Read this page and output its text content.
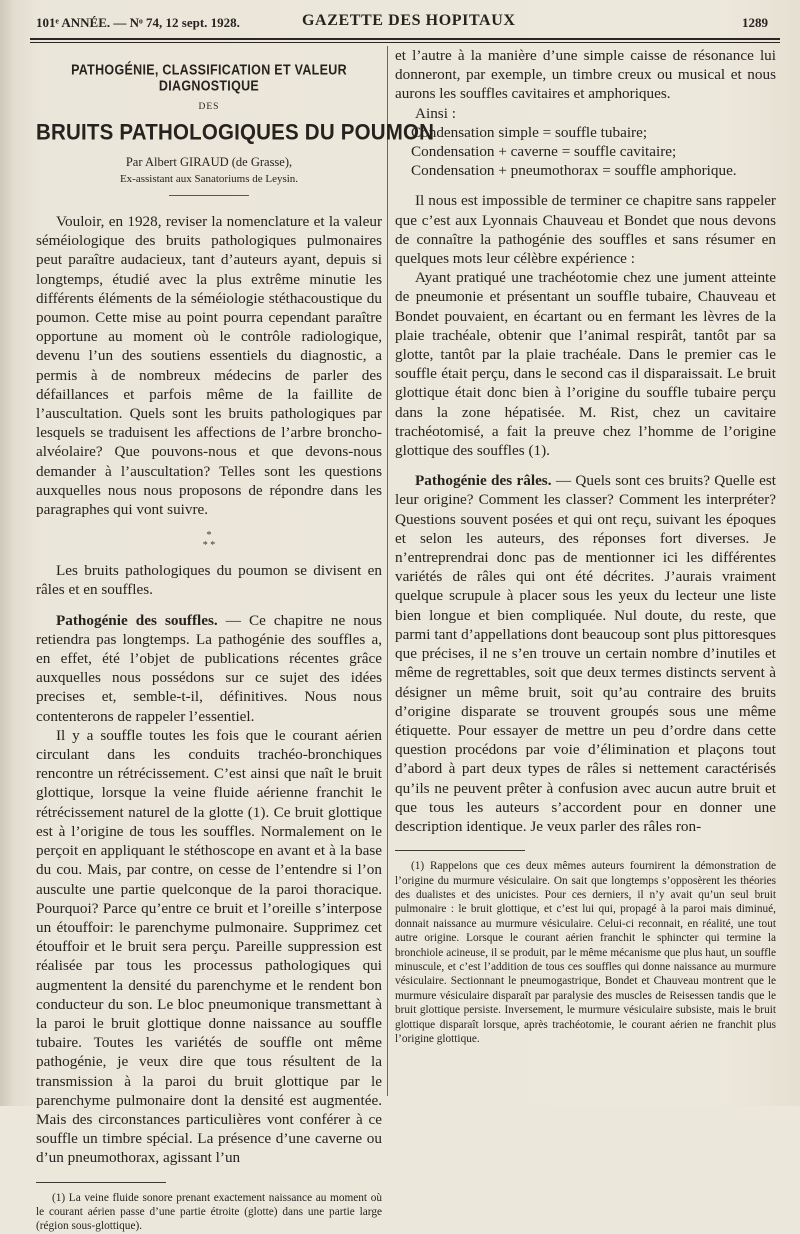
101ᵉ ANNÉE. — Nᵒ 74, 12 sept. 1928.	GAZETTE DES HOPITAUX	1289
PATHOGÉNIE, CLASSIFICATION ET VALEUR DIAGNOSTIQUE
DES
BRUITS PATHOLOGIQUES DU POUMON
Par Albert GIRAUD (de Grasse),
Ex-assistant aux Sanatoriums de Leysin.

Vouloir, en 1928, reviser la nomenclature et la valeur séméiologique des bruits pathologiques pulmonaires peut paraître audacieux, tant d’auteurs ayant, depuis si longtemps, étudié avec la plus extrême minutie les différents éléments de la séméiologie stéthacoustique du poumon. Cette mise au point pourra cependant paraître opportune au moment où le contrôle radiologique, devenu l’un des soutiens essentiels du diagnostic, a permis à de nombreux médecins de parler des défaillances et parfois même de la faillite de l’auscultation. Quels sont les bruits pathologiques par lesquels se traduisent les affections de l’arbre broncho-alvéolaire? Que pouvons-nous et que devons-nous demander à l’auscultation? Telles sont les questions auxquelles nous nous proposons de répondre dans les paragraphes qui vont suivre.

*
* *

Les bruits pathologiques du poumon se divisent en râles et en souffles.

Pathogénie des souffles. — Ce chapitre ne nous retiendra pas longtemps. La pathogénie des souffles a, en effet, été l’objet de publications récentes grâce auxquelles nous possédons sur ce sujet des idées precises et, semble-t-il, définitives. Nous nous contenterons de rappeler l’essentiel.

Il y a souffle toutes les fois que le courant aérien circulant dans les conduits trachéo-bronchiques rencontre un rétrécissement. C’est ainsi que naît le bruit glottique, lorsque la veine fluide aérienne franchit le rétrécissement naturel de la glotte (1). Ce bruit glottique est à l’origine de tous les souffles. Normalement on le perçoit en appliquant le stéthoscope en avant et à la base du cou. Mais, par contre, on cesse de l’entendre si l’on ausculte une partie quelconque de la paroi thoracique. Pourquoi? Parce qu’entre ce bruit et l’oreille s’interpose un étouffoir: le parenchyme pulmonaire. Supprimez cet étouffoir et le bruit sera perçu. Pareille suppression est réalisée par tous les processus pathologiques qui augmentent la densité du parenchyme et le rendent bon conducteur du son. Le bloc pneumonique transmettant à la paroi le bruit glottique donne naissance au souffle tubaire. Toutes les variétés de souffle ont même pathogénie, je veux dire que tous résultent de la transmission à la paroi du bruit glottique par le parenchyme pulmonaire dont la densité est augmentée. Mais des circonstances particulières vont conférer à ce souffle un timbre spécial. La présence d’une caverne ou d’un pneumothorax, agissant l’un

(1) La veine fluide sonore prenant exactement naissance au moment où le courant aérien passe d’une partie étroite (glotte) dans une partie large (région sous-glottique).

et l’autre à la manière d’une simple caisse de résonance lui donneront, par exemple, un timbre creux ou musical et nous aurons les souffles cavitaires et amphoriques.

Ainsi :

Condensation simple = souffle tubaire;

Condensation + caverne = souffle cavitaire;

Condensation + pneumothorax = souffle amphorique.

Il nous est impossible de terminer ce chapitre sans rappeler que c’est aux Lyonnais Chauveau et Bondet que nous devons de connaître la pathogénie des souffles et sans résumer en quelques mots leur célèbre expérience :

Ayant pratiqué une trachéotomie chez une jument atteinte de pneumonie et présentant un souffle tubaire, Chauveau et Bondet pouvaient, en écartant ou en fermant les lèvres de la plaie trachéale, obtenir que l’animal respirât, tantôt par sa glotte, tantôt par la plaie trachéale. Dans le premier cas le souffle était perçu, dans le second cas il disparaissait. Le bruit glottique était donc bien à l’origine du souffle tubaire perçu dans la zone hépatisée. M. Rist, chez un cavitaire trachéotomisé, a fait la preuve chez l’homme de l’origine glottique des souffles (1).

Pathogénie des râles. — Quels sont ces bruits? Quelle est leur origine? Comment les classer? Comment les interpréter? Questions souvent posées et qui ont reçu, suivant les époques et selon les auteurs, des réponses fort diverses. Je n’entreprendrai donc pas de mentionner ici les différentes variétés de râles qui ont été décrites. J’aurais vraiment quelque scrupule à placer sous les yeux du lecteur une liste bien longue et bien compliquée. Nul doute, du reste, que parmi tant d’appellations dont beaucoup sont plus pittoresques que précises, il ne s’en trouve un certain nombre d’inutiles et même de regrettables, soit que deux termes distincts servent à désigner un même bruit, soit qu’au contraire des bruits d’origine disparate se trouvent groupés sous une même étiquette. Pour essayer de mettre un peu d’ordre dans cette question procédons par voie d’élimination et plaçons tout d’abord à part deux types de râles si nettement caractérisés qu’ils ne peuvent prêter à confusion avec aucun autre bruit et que tous les auteurs s’accordent pour en donner une description identique. Je veux parler des râles ron-

(1) Rappelons que ces deux mêmes auteurs fournirent la démonstration de l’origine du murmure vésiculaire. On sait que longtemps s’opposèrent les théories des dualistes et des unicistes. Pour ces derniers, il n’y avait qu’un seul bruit pulmonaire : le bruit glottique, et c’est lui qui, propagé à la paroi mais diminué, donnait naissance au murmure vésiculaire. Celui-ci reconnait, en réalité, une tout autre origine. Lorsque le courant aérien franchit le sphincter qui termine la bronchiole acineuse, il se produit, par le même mécanisme que plus haut, un souffle minuscule, et c’est l’addition de tous ces souffles qui donne naissance au murmure vésiculaire. Sectionnant le pneumogastrique, Bondet et Chauveau montrent que le murmure vésiculaire disparaît par paralysie des muscles de Reisessen tandis que le bruit glottique persiste. Inversement, le murmure vésiculaire subsiste, mais le bruit glottique disparaît lorsque, après trachéotomie, le courant aérien ne franchit plus l’origine glottique.
